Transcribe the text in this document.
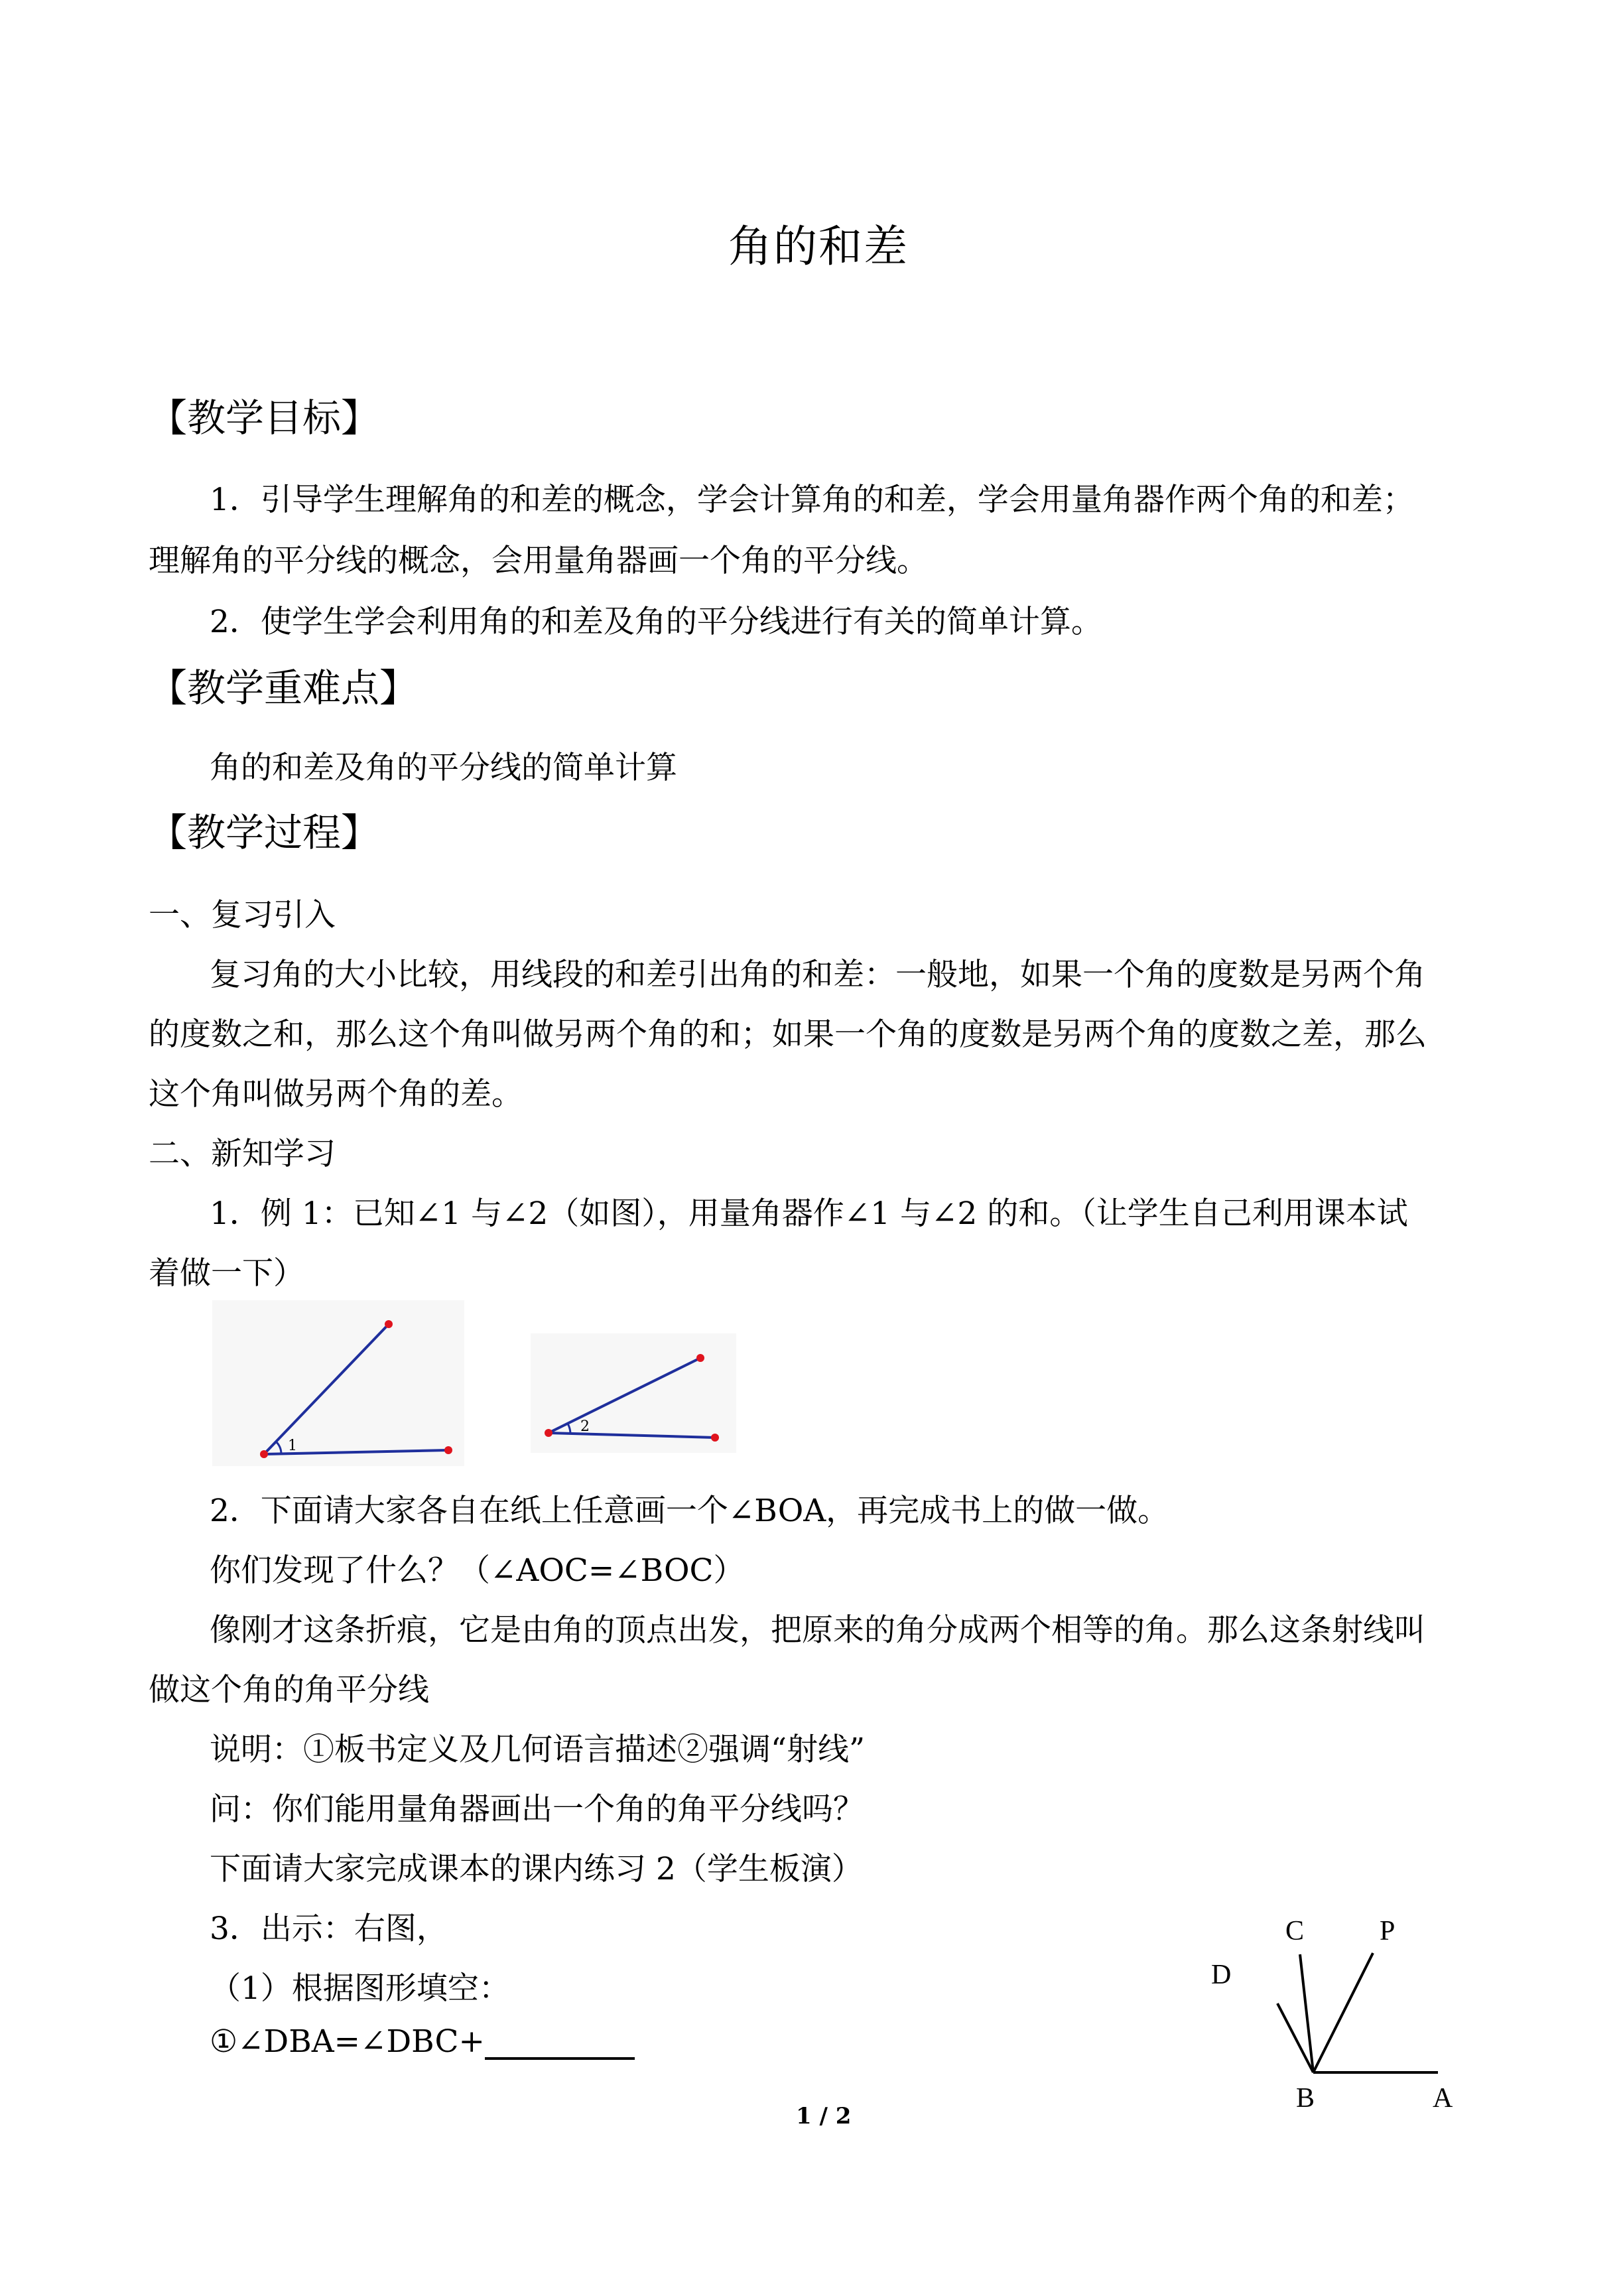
角的和差
【教学目标】
1．引导学生理解角的和差的概念，学会计算角的和差，学会用量角器作两个角的和差；
理解角的平分线的概念，会用量角器画一个角的平分线。
2．使学生学会利用角的和差及角的平分线进行有关的简单计算。
【教学重难点】
角的和差及角的平分线的简单计算
【教学过程】
一、复习引入
复习角的大小比较，用线段的和差引出角的和差：一般地，如果一个角的度数是另两个角
的度数之和，那么这个角叫做另两个角的和；如果一个角的度数是另两个角的度数之差，那么
这个角叫做另两个角的差。
二、新知学习
1．例 1：已知∠1 与∠2（如图），用量角器作∠1 与∠2 的和。（让学生自己利用课本试
着做一下）
1
2
2．下面请大家各自在纸上任意画一个∠BOA，再完成书上的做一做。
你们发现了什么？（∠AOC=∠BOC）
像刚才这条折痕，它是由角的顶点出发，把原来的角分成两个相等的角。那么这条射线叫
做这个角的角平分线
说明：①板书定义及几何语言描述②强调“射线”
问：你们能用量角器画出一个角的角平分线吗？
下面请大家完成课本的课内练习 2（学生板演）
3．出示：右图，
（1）根据图形填空：
①∠DBA=∠DBC+
D
C	P
B	A
1 / 2
